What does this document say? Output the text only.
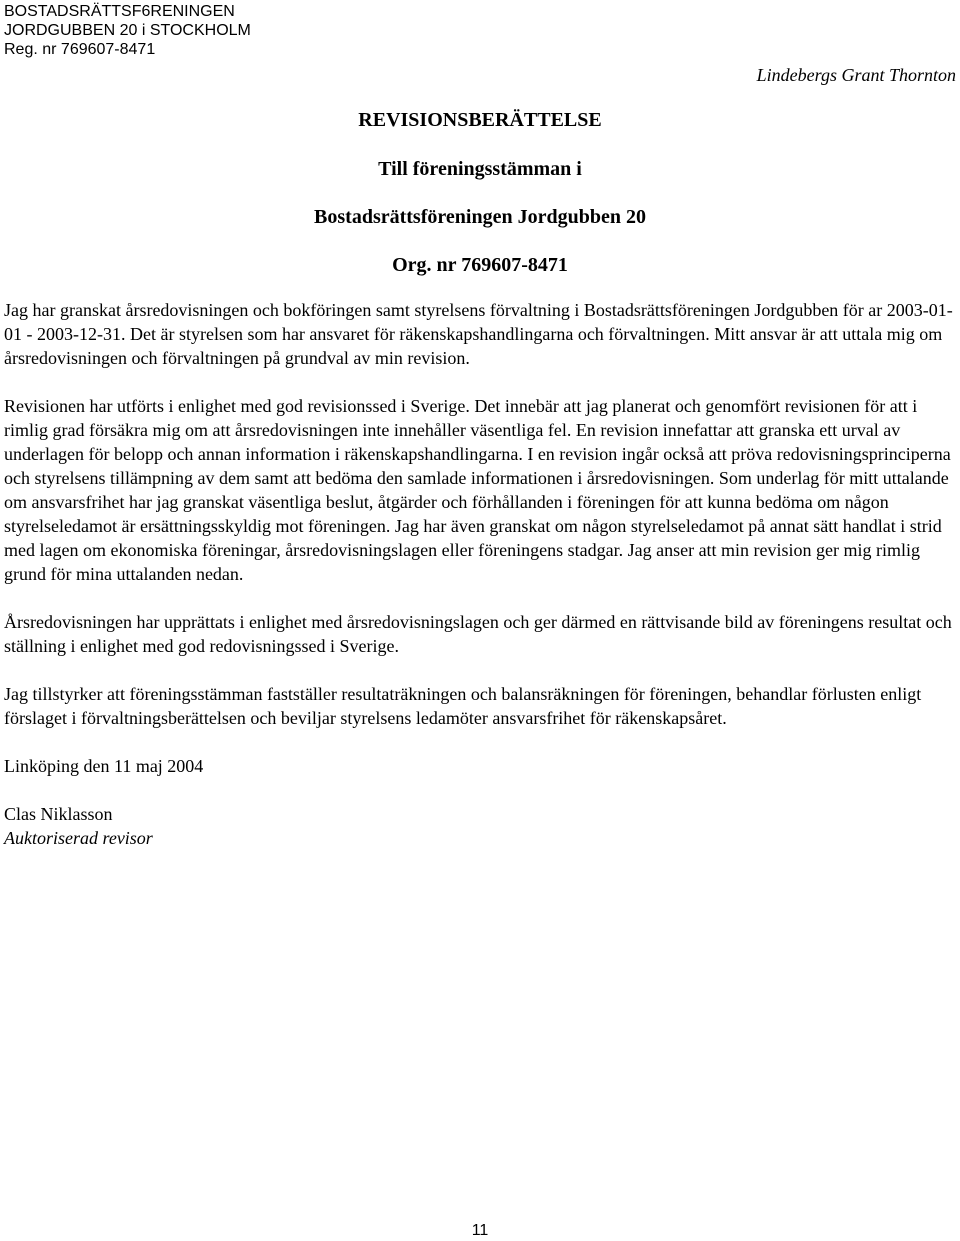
BOSTADSRÄTTSF6RENINGEN
JORDGUBBEN 20 i STOCKHOLM
Reg. nr 769607-8471
Lindebergs Grant Thornton
REVISIONSBERÄTTELSE
Till föreningsstämman i
Bostadsrättsföreningen Jordgubben 20
Org. nr 769607-8471

Jag har granskat årsredovisningen och bokföringen samt styrelsens förvaltning i Bostadsrättsföreningen Jordgubben för ar 2003-01-01 - 2003-12-31. Det är styrelsen som har ansvaret för räkenskapshandlingarna och förvaltningen. Mitt ansvar är att uttala mig om årsredovisningen och förvaltningen på grundval av min revision.

Revisionen har utförts i enlighet med god revisionssed i Sverige. Det innebär att jag planerat och genomfört revisionen för att i rimlig grad försäkra mig om att årsredovisningen inte innehåller väsentliga fel. En revision innefattar att granska ett urval av underlagen för belopp och annan information i räkenskapshandlingarna. I en revision ingår också att pröva redovisningsprinciperna och styrelsens tillämpning av dem samt att bedöma den samlade informationen i årsredovisningen. Som underlag för mitt uttalande om ansvarsfrihet har jag granskat väsentliga beslut, åtgärder och förhållanden i föreningen för att kunna bedöma om någon styrelseledamot är ersättningsskyldig mot föreningen. Jag har även granskat om någon styrelseledamot på annat sätt handlat i strid med lagen om ekonomiska föreningar, årsredovisningslagen eller föreningens stadgar. Jag anser att min revision ger mig rimlig grund för mina uttalanden nedan.

Årsredovisningen har upprättats i enlighet med årsredovisningslagen och ger därmed en rättvisande bild av föreningens resultat och ställning i enlighet med god redovisningssed i Sverige.

Jag tillstyrker att föreningsstämman fastställer resultaträkningen och balansräkningen för föreningen, behandlar förlusten enligt förslaget i förvaltningsberättelsen och beviljar styrelsens ledamöter ansvarsfrihet för räkenskapsåret.

Linköping den 11 maj 2004

Clas Niklasson
Auktoriserad revisor
11
